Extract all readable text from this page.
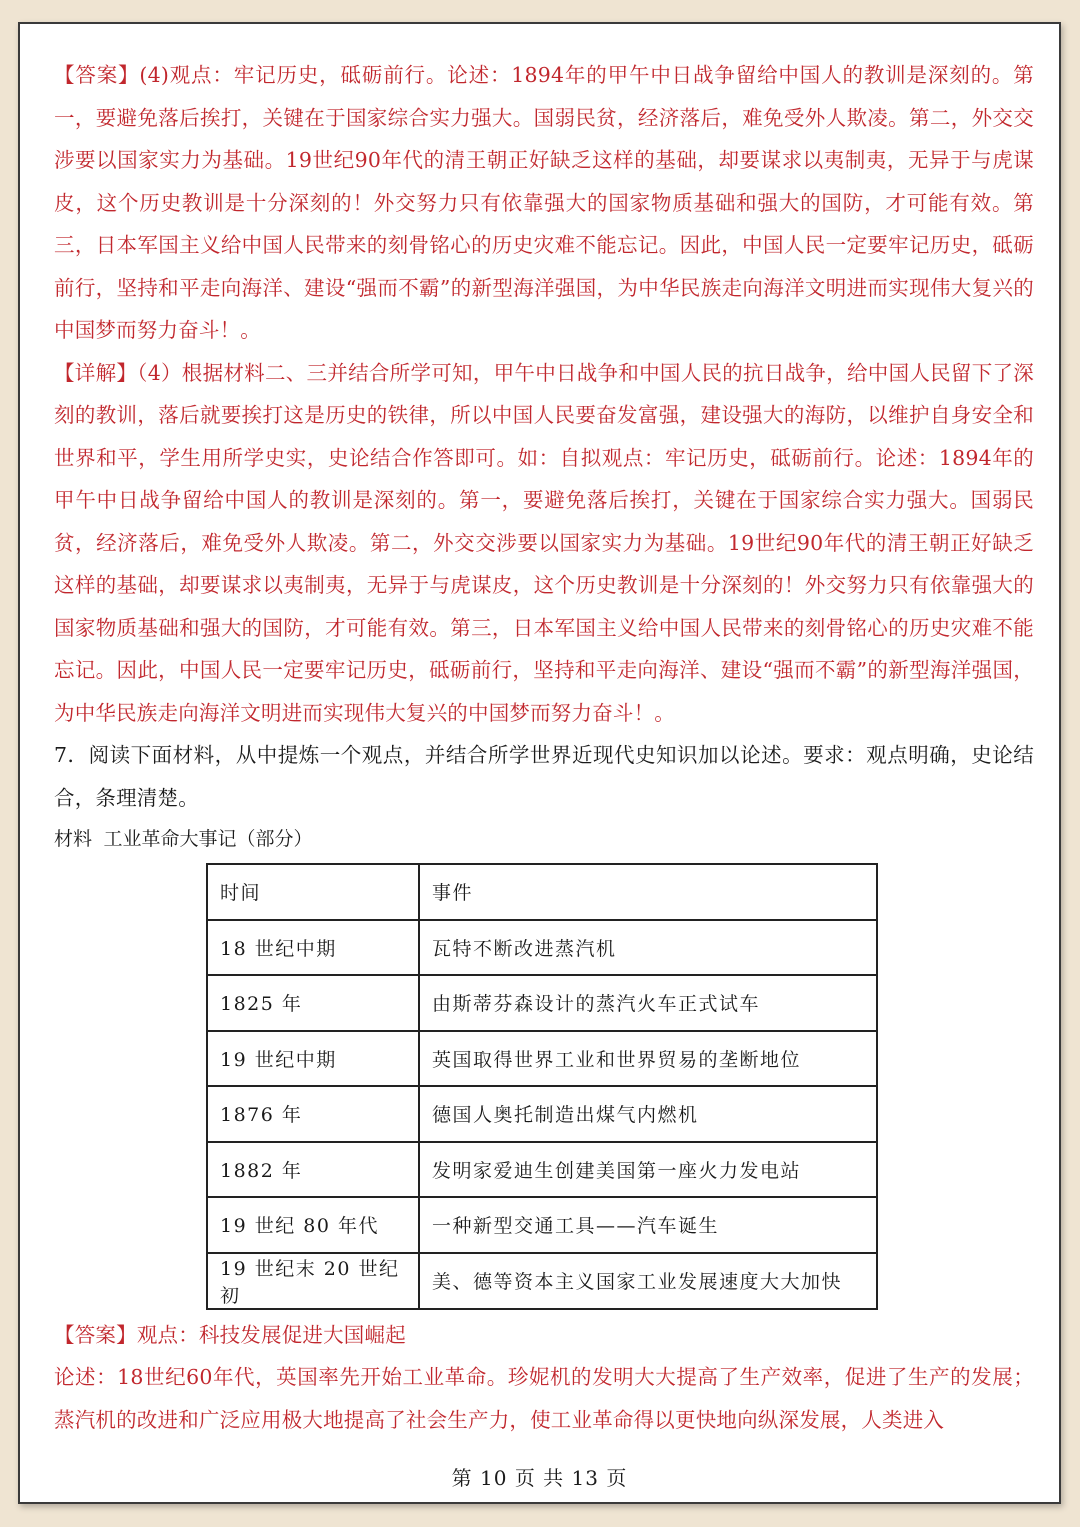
【答案】(4)观点：牢记历史，砥砺前行。论述：1894年的甲午中日战争留给中国人的教训是深刻的。第一，要避免落后挨打，关键在于国家综合实力强大。国弱民贫，经济落后，难免受外人欺凌。第二，外交交涉要以国家实力为基础。19世纪90年代的清王朝正好缺乏这样的基础，却要谋求以夷制夷，无异于与虎谋皮，这个历史教训是十分深刻的！外交努力只有依靠强大的国家物质基础和强大的国防，才可能有效。第三，日本军国主义给中国人民带来的刻骨铭心的历史灾难不能忘记。因此，中国人民一定要牢记历史，砥砺前行，坚持和平走向海洋、建设“强而不霸”的新型海洋强国，为中华民族走向海洋文明进而实现伟大复兴的中国梦而努力奋斗！。

【详解】（4）根据材料二、三并结合所学可知，甲午中日战争和中国人民的抗日战争，给中国人民留下了深刻的教训，落后就要挨打这是历史的铁律，所以中国人民要奋发富强，建设强大的海防，以维护自身安全和世界和平，学生用所学史实，史论结合作答即可。如：自拟观点：牢记历史，砥砺前行。论述：1894年的甲午中日战争留给中国人的教训是深刻的。第一，要避免落后挨打，关键在于国家综合实力强大。国弱民贫，经济落后，难免受外人欺凌。第二，外交交涉要以国家实力为基础。19世纪90年代的清王朝正好缺乏这样的基础，却要谋求以夷制夷，无异于与虎谋皮，这个历史教训是十分深刻的！外交努力只有依靠强大的国家物质基础和强大的国防，才可能有效。第三，日本军国主义给中国人民带来的刻骨铭心的历史灾难不能忘记。因此，中国人民一定要牢记历史，砥砺前行，坚持和平走向海洋、建设“强而不霸”的新型海洋强国，为中华民族走向海洋文明进而实现伟大复兴的中国梦而努力奋斗！。

7．阅读下面材料，从中提炼一个观点，并结合所学世界近现代史知识加以论述。要求：观点明确，史论结合，条理清楚。

材料 工业革命大事记（部分）

时间	事件
18 世纪中期	瓦特不断改进蒸汽机
1825 年	由斯蒂芬森设计的蒸汽火车正式试车
19 世纪中期	英国取得世界工业和世界贸易的垄断地位
1876 年	德国人奥托制造出煤气内燃机
1882 年	发明家爱迪生创建美国第一座火力发电站
19 世纪 80 年代	一种新型交通工具——汽车诞生
19 世纪末 20 世纪初	美、德等资本主义国家工业发展速度大大加快

【答案】观点：科技发展促进大国崛起

论述：18世纪60年代，英国率先开始工业革命。珍妮机的发明大大提高了生产效率，促进了生产的发展；蒸汽机的改进和广泛应用极大地提高了社会生产力，使工业革命得以更快地向纵深发展，人类进入

第 10 页 共 13 页
